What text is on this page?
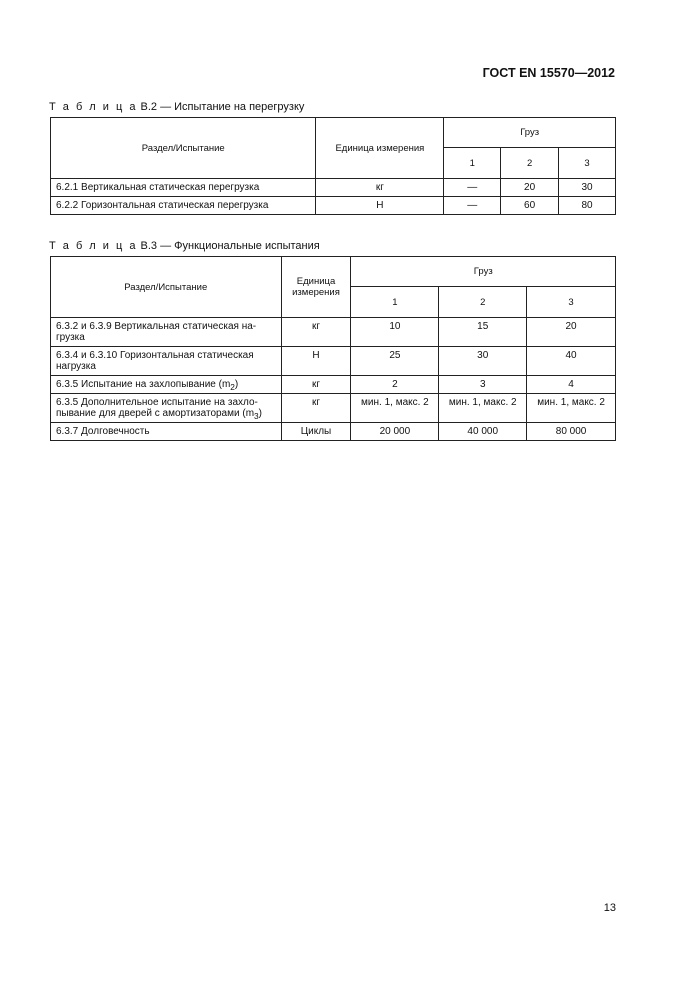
ГОСТ EN 15570—2012
Т а б л и ц а В.2 — Испытание на перегрузку
Раздел/Испытание	Единица измерения	Груз		
		1	2	3
6.2.1 Вертикальная статическая перегрузка	кг	—	20	30
6.2.2 Горизонтальная статическая перегрузка	Н	—	60	80
Т а б л и ц а В.3 — Функциональные испытания
Раздел/Испытание	Единица
измерения	Груз		
		1	2	3
6.3.2 и 6.3.9 Вертикальная статическая на-
грузка	кг	10	15	20
6.3.4 и 6.3.10 Горизонтальная статическая
нагрузка	Н	25	30	40
6.3.5 Испытание на захлопывание $(m_2)$	кг	2	3	4
6.3.5 Дополнительное испытание на захло-
пывание для дверей с амортизаторами $(m_3)$	кг	мин. 1, макс. 2	мин. 1, макс. 2	мин. 1, макс. 2
6.3.7 Долговечность	Циклы	20 000	40 000	80 000
13
